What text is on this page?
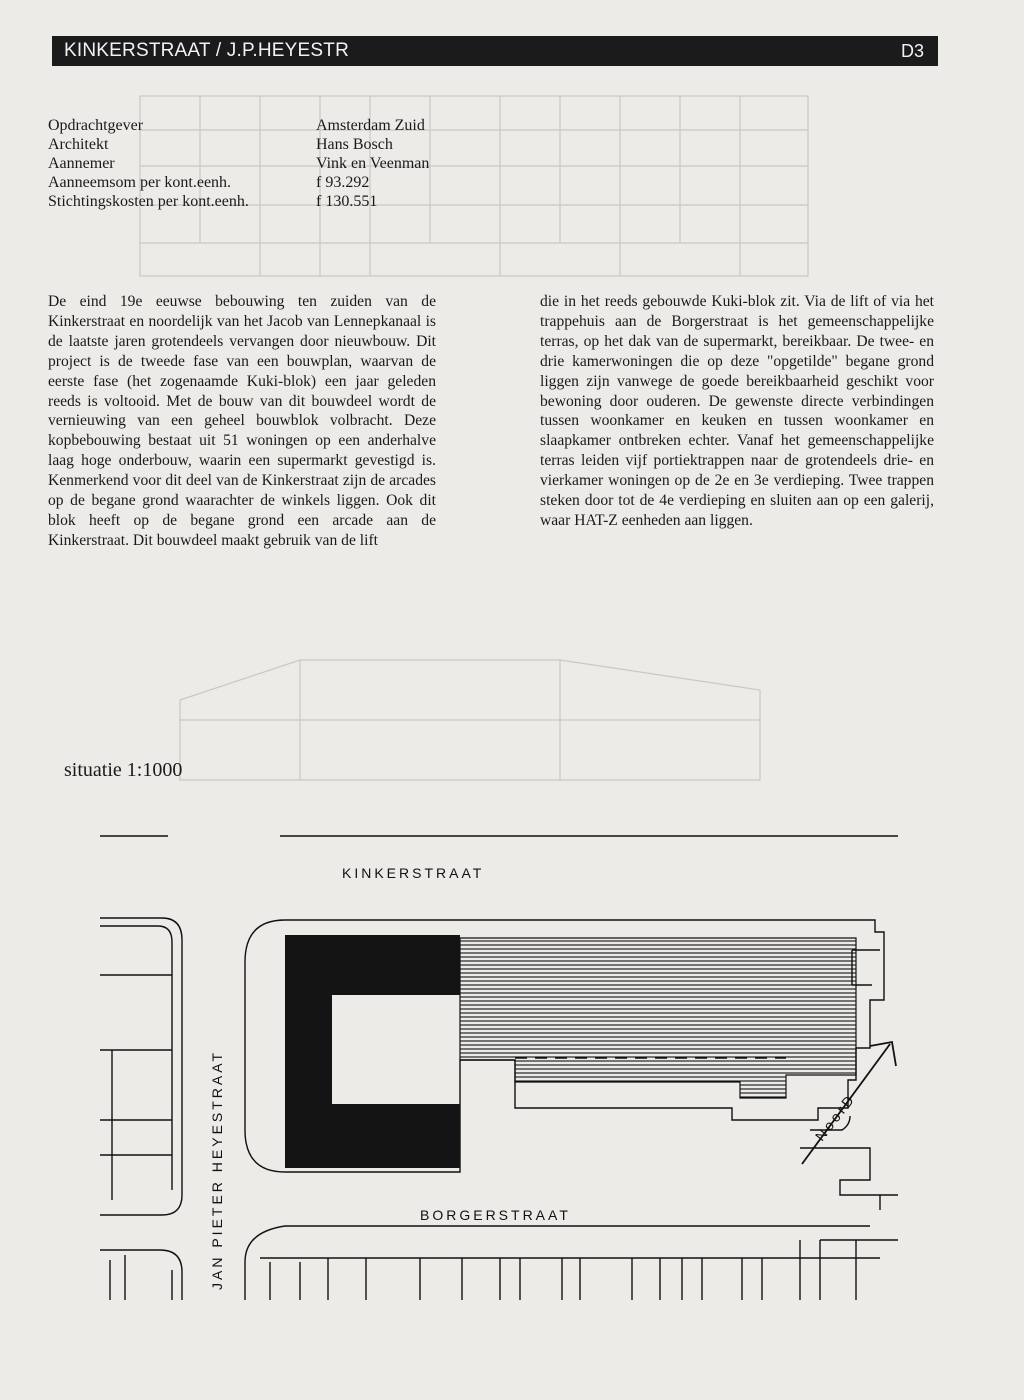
KINKERSTRAAT / J.P.HEYESTR	D3
Opdrachtgever	Amsterdam Zuid
Architekt	Hans Bosch
Aannemer	Vink en Veenman
Aanneemsom per kont.eenh.	f 93.292
Stichtingskosten per kont.eenh.	f 130.551

De eind 19e eeuwse bebouwing ten zuiden van de Kinkerstraat en noordelijk van het Jacob van Lennepkanaal is de laatste jaren grotendeels vervangen door nieuwbouw. Dit project is de tweede fase van een bouwplan, waarvan de eerste fase (het zogenaamde Kuki-blok) een jaar geleden reeds is voltooid. Met de bouw van dit bouwdeel wordt de vernieuwing van een geheel bouwblok volbracht. Deze kopbebouwing bestaat uit 51 woningen op een anderhalve laag hoge onderbouw, waarin een supermarkt gevestigd is. Kenmerkend voor dit deel van de Kinkerstraat zijn de arcades op de begane grond waarachter de winkels liggen. Ook dit blok heeft op de begane grond een arcade aan de Kinkerstraat. Dit bouwdeel maakt gebruik van de lift

die in het reeds gebouwde Kuki-blok zit. Via de lift of via het trappehuis aan de Borgerstraat is het gemeenschappelijke terras, op het dak van de supermarkt, bereikbaar. De twee- en drie kamerwoningen die op deze "opgetilde" begane grond liggen zijn vanwege de goede bereikbaarheid geschikt voor bewoning door ouderen. De gewenste directe verbindingen tussen woonkamer en keuken en tussen woonkamer en slaapkamer ontbreken echter. Vanaf het gemeenschappelijke terras leiden vijf portiektrappen naar de grotendeels drie- en vierkamer woningen op de 2e en 3e verdieping. Twee trappen steken door tot de 4e verdieping en sluiten aan op een galerij, waar HAT-Z eenheden aan liggen.

situatie 1:1000
NoorD
KINKERSTRAAT
BORGERSTRAAT
JAN PIETER HEYESTRAAT
